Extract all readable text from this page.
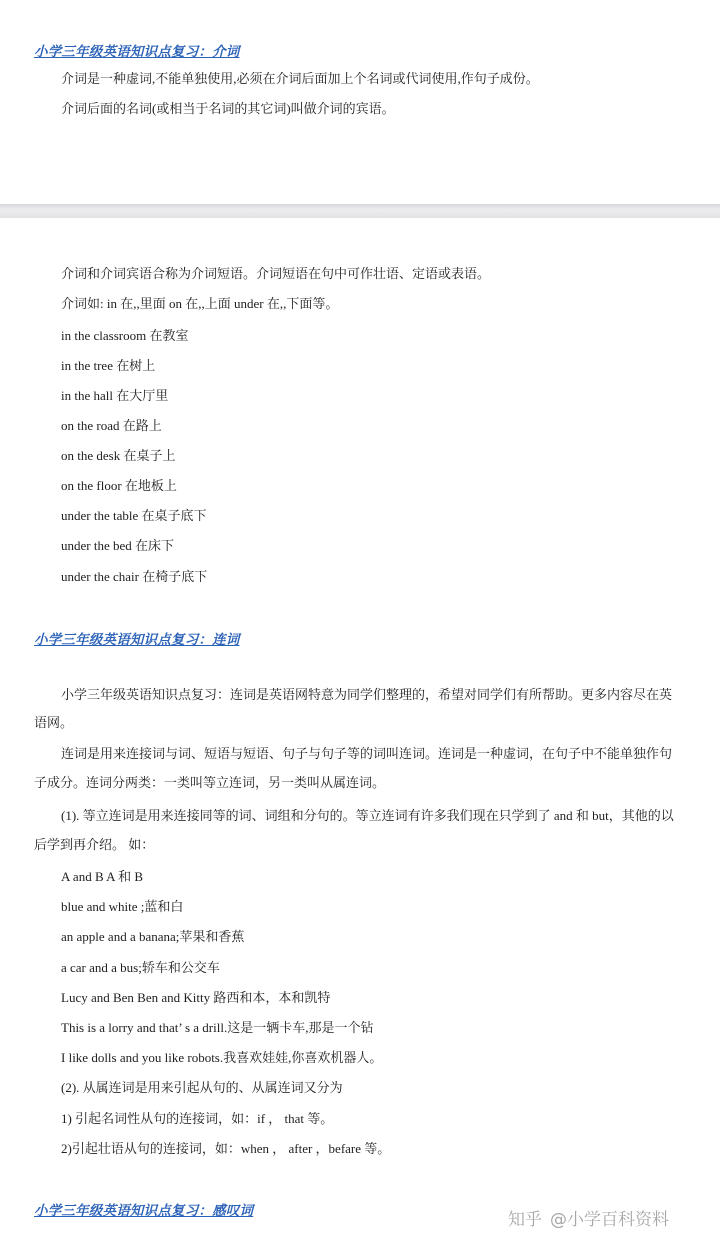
小学三年级英语知识点复习：介词
介词是一种虚词,不能单独使用,必须在介词后面加上个名词或代词使用,作句子成份。
介词后面的名词(或相当于名词的其它词)叫做介词的宾语。
介词和介词宾语合称为介词短语。介词短语在句中可作壮语、定语或表语。
介词如: in 在,,里面 on 在,,上面 under 在,,下面等。
in the classroom 在教室
in the tree 在树上
in the hall 在大厅里
on the road 在路上
on the desk 在桌子上
on the floor 在地板上
under the table 在桌子底下
under the bed 在床下
under the chair 在椅子底下
小学三年级英语知识点复习：连词
小学三年级英语知识点复习：连词是英语网特意为同学们整理的，希望对同学们有所帮助。更多内容尽在英
语网。
连词是用来连接词与词、短语与短语、句子与句子等的词叫连词。连词是一种虚词，在句子中不能单独作句
子成分。连词分两类：一类叫等立连词，另一类叫从属连词。
(1). 等立连词是用来连接同等的词、词组和分句的。等立连词有许多我们现在只学到了 and 和 but，其他的以
后学到再介绍。 如：
A and B A 和 B
blue and white ;蓝和白
an apple and a banana;苹果和香蕉
a car and a bus;轿车和公交车
Lucy and Ben Ben and Kitty 路西和本，本和凯特
This is a lorry and that’ s a drill.这是一辆卡车,那是一个钻
I like dolls and you like robots.我喜欢娃娃,你喜欢机器人。
(2). 从属连词是用来引起从句的、从属连词又分为
1) 引起名词性从句的连接词，如：if ， that 等。
2)引起壮语从句的连接词，如：when ， after ，befare 等。
小学三年级英语知识点复习：感叹词	知乎 @小学百科资料
